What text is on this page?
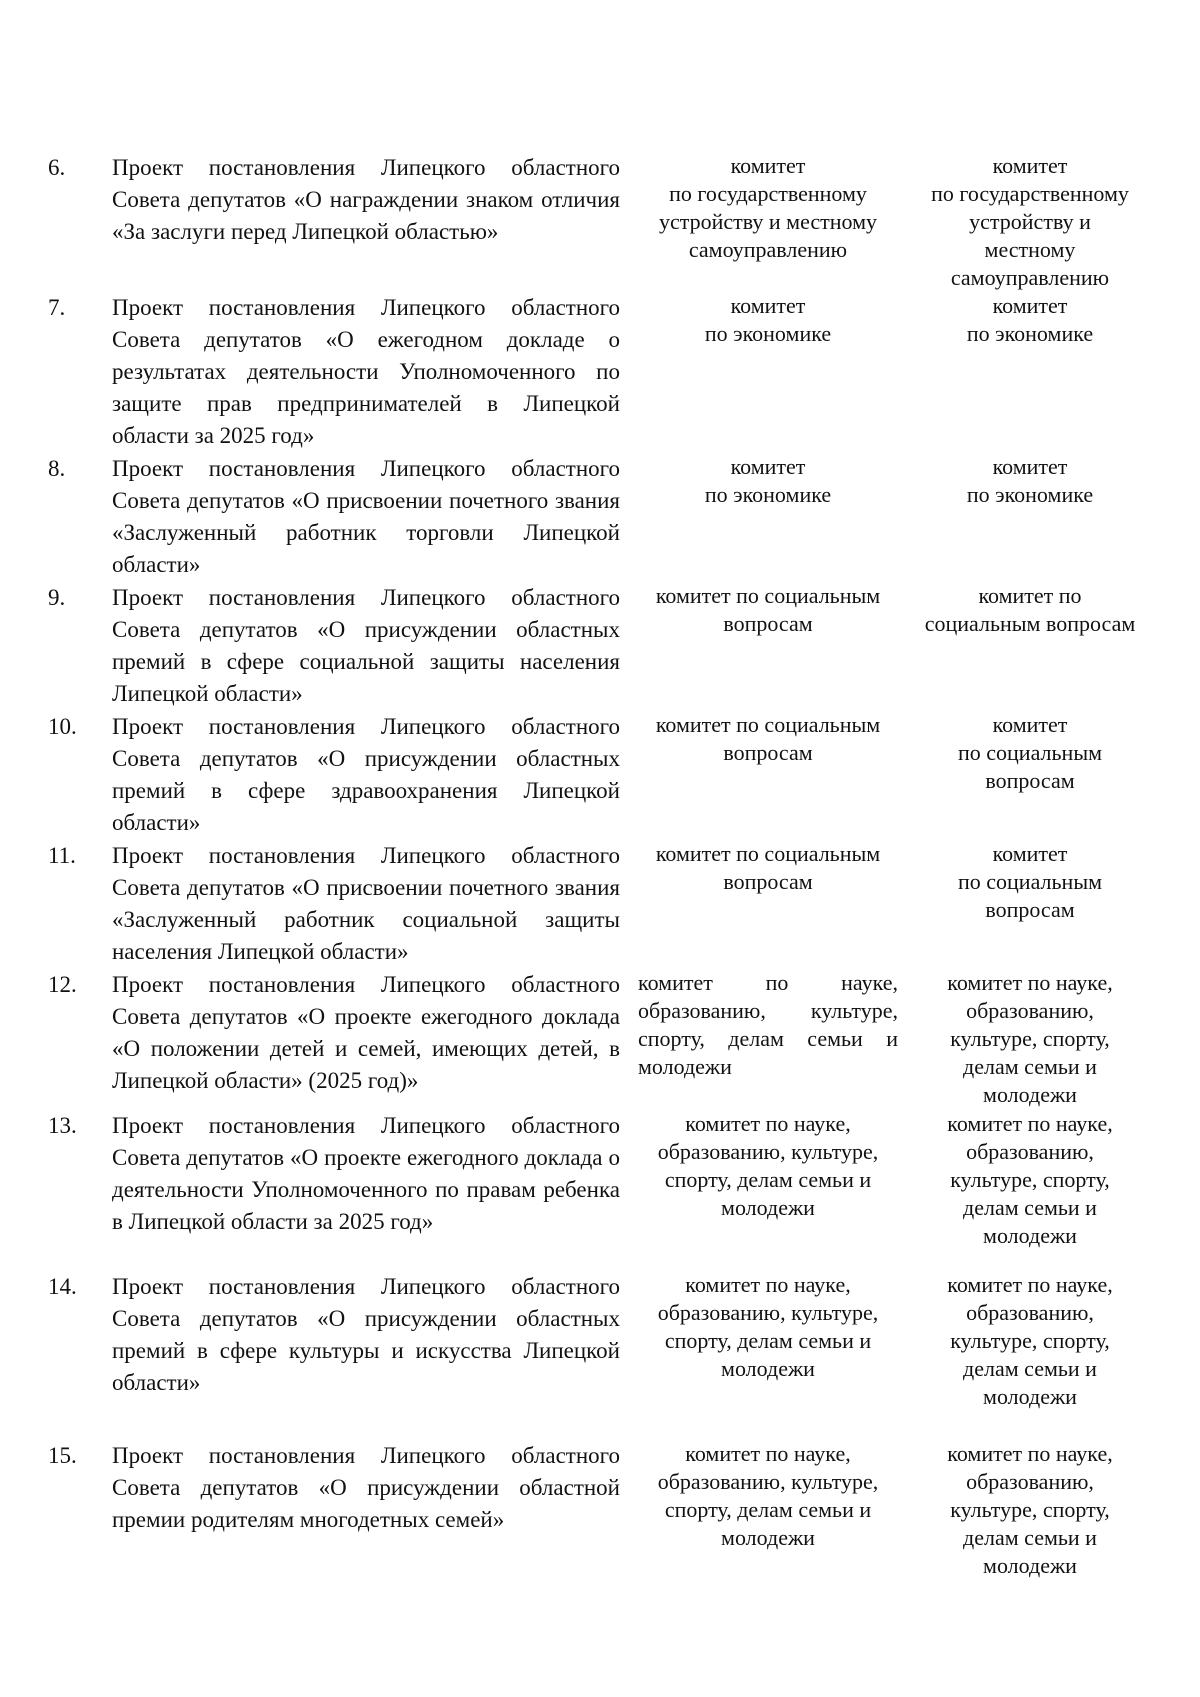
6. Проект постановления Липецкого областного Совета депутатов «О награждении знаком отличия «За заслуги перед Липецкой областью»
комитет
по государственному
устройству и местному
самоуправлению
комитет
по государственному
устройству и
местному
самоуправлению
7. Проект постановления Липецкого областного Совета депутатов «О ежегодном докладе о результатах деятельности Уполномоченного по защите прав предпринимателей в Липецкой области за 2025 год»
комитет
по экономике
комитет
по экономике
8. Проект постановления Липецкого областного Совета депутатов «О присвоении почетного звания «Заслуженный работник торговли Липецкой области»
комитет
по экономике
комитет
по экономике
9. Проект постановления Липецкого областного Совета депутатов «О присуждении областных премий в сфере социальной защиты населения Липецкой области»
комитет по социальным
вопросам
комитет по
социальным вопросам
10. Проект постановления Липецкого областного Совета депутатов «О присуждении областных премий в сфере здравоохранения Липецкой области»
комитет по социальным
вопросам
комитет
по социальным
вопросам
11. Проект постановления Липецкого областного Совета депутатов «О присвоении почетного звания «Заслуженный работник социальной защиты населения Липецкой области»
комитет по социальным
вопросам
комитет
по социальным
вопросам
12. Проект постановления Липецкого областного Совета депутатов «О проекте ежегодного доклада «О положении детей и семей, имеющих детей, в Липецкой области» (2025 год)»
комитет по науке, образованию, культуре, спорту, делам семьи и молодежи
комитет по науке,
образованию,
культуре, спорту,
делам семьи и
молодежи
13. Проект постановления Липецкого областного Совета депутатов «О проекте ежегодного доклада о деятельности Уполномоченного по правам ребенка в Липецкой области за 2025 год»
комитет по науке,
образованию, культуре,
спорту, делам семьи и
молодежи
комитет по науке,
образованию,
культуре, спорту,
делам семьи и
молодежи
14. Проект постановления Липецкого областного Совета депутатов «О присуждении областных премий в сфере культуры и искусства Липецкой области»
комитет по науке,
образованию, культуре,
спорту, делам семьи и
молодежи
комитет по науке,
образованию,
культуре, спорту,
делам семьи и
молодежи
15. Проект постановления Липецкого областного Совета депутатов «О присуждении областной премии родителям многодетных семей»
комитет по науке,
образованию, культуре,
спорту, делам семьи и
молодежи
комитет по науке,
образованию,
культуре, спорту,
делам семьи и
молодежи
